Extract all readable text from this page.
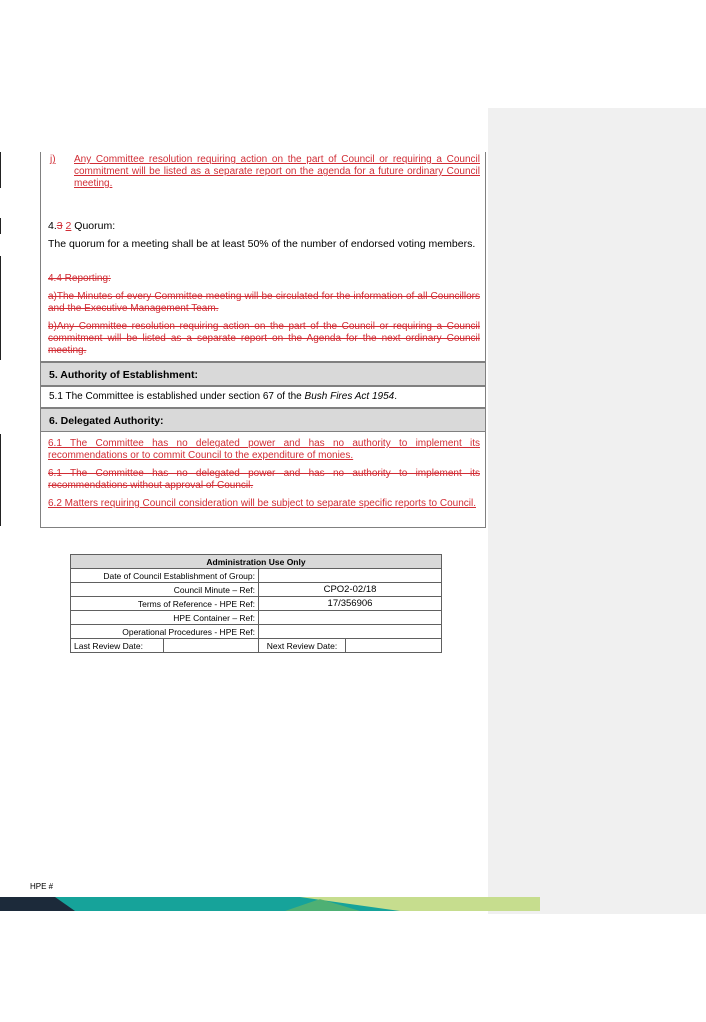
j)	Any Committee resolution requiring action on the part of Council or requiring a Council commitment will be listed as a separate report on the agenda for a future ordinary Council meeting.
4.3 2 Quorum:
The quorum for a meeting shall be at least 50% of the number of endorsed voting members.
4.4 Reporting:
a)The Minutes of every Committee meeting will be circulated for the information of all Councillors and the Executive Management Team.
b)Any Committee resolution requiring action on the part of the Council or requiring a Council commitment will be listed as a separate report on the Agenda for the next ordinary Council meeting.
5. Authority of Establishment:
5.1 The Committee is established under section 67 of the Bush Fires Act 1954.
6. Delegated Authority:
6.1 The Committee has no delegated power and has no authority to implement its recommendations or to commit Council to the expenditure of monies.
6.1 The Committee has no delegated power and has no authority to implement its recommendations without approval of Council.
6.2 Matters requiring Council consideration will be subject to separate specific reports to Council.
Administration Use Only			
Date of Council Establishment of Group:			
Council Minute – Ref:		CPO2-02/18	
Terms of Reference - HPE Ref:		17/356906	
HPE Container – Ref:			
Operational Procedures - HPE Ref:			
Last Review Date:		Next Review Date:	
HPE #
